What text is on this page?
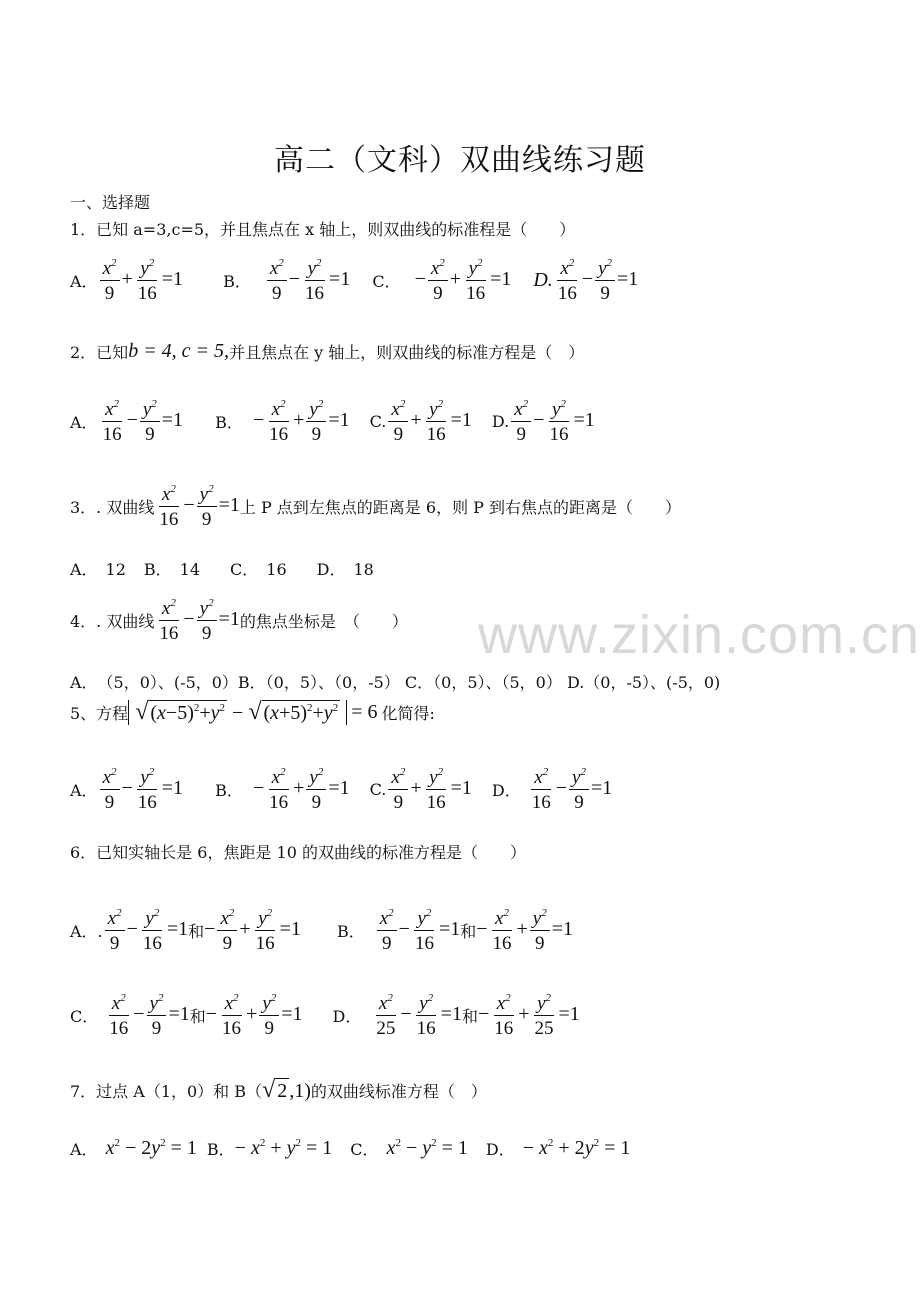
高二（文科）双曲线练习题
一、选择题
1．已知 a=3,c=5，并且焦点在 x 轴上，则双曲线的标准程是（　　）
A． $\frac{x^2}{9} + \frac{y^2}{16} =1$	B． $\frac{x^2}{9} - \frac{y^2}{16} =1$ C． − $\frac{x^2}{9} + \frac{y^2}{16} =1$ D. $\frac{x^2}{16} - \frac{y^2}{9} =1$
2．已知 b = 4, c = 5, 并且焦点在 y 轴上，则双曲线的标准方程是（　）
A． $\frac{x^2}{16} - \frac{y^2}{9} =1$ B． − $\frac{x^2}{16} + \frac{y^2}{9} =1$ C. $\frac{x^2}{9} + \frac{y^2}{16} =1$ D. $\frac{x^2}{9} - \frac{y^2}{16} =1$
3．. 双曲线 $\frac{x^2}{16} - \frac{y^2}{9} =1$ 上 P 点到左焦点的距离是 6，则 P 到右焦点的距离是（　　）
A．　12 B．　14 C．　16 D．　18
4．. 双曲线 $\frac{x^2}{16} - \frac{y^2}{9} =1$ 的焦点坐标是　（　　）
A．　（5，0）、(-5，0）B．（0，5）、（0，-5） C．（0，5）、（5，0） D.（0，-5）、(-5，0)
5、方程 √ $(x-5)^2+y^2$ − √ $(x+5)^2+y^2 = 6$ 化简得:
A． $\frac{x^2}{9} - \frac{y^2}{16} =1$ B． − $\frac{x^2}{16} + \frac{y^2}{9} =1$ C. $\frac{x^2}{9} + \frac{y^2}{16} =1$ D． $\frac{x^2}{16} - \frac{y^2}{9} =1$
6．已知实轴长是 6，焦距是 10 的双曲线的标准方程是（　　）
A．. $\frac{x^2}{9} - \frac{y^2}{16} =1$ 和 − $\frac{x^2}{9} + \frac{y^2}{16} =1$ B． $\frac{x^2}{9} - \frac{y^2}{16} =1$ 和 − $\frac{x^2}{16} + \frac{y^2}{9} =1$
C． $\frac{x^2}{16} - \frac{y^2}{9} =1$ 和 − $\frac{x^2}{16} + \frac{y^2}{9} =1$ D． $\frac{x^2}{25} - \frac{y^2}{16} =1$ 和 − $\frac{x^2}{16} + \frac{y^2}{25} =1$
7．过点 A（1，0）和 B（ √ 2 ,1) 的双曲线标准方程（　）
A． $x^2 - 2y^2 = 1$ B． − $x^2 + y^2 = 1$ C． $x^2 - y^2 = 1$ D． − $x^2 + 2y^2 = 1$
www.zixin.com.cn
